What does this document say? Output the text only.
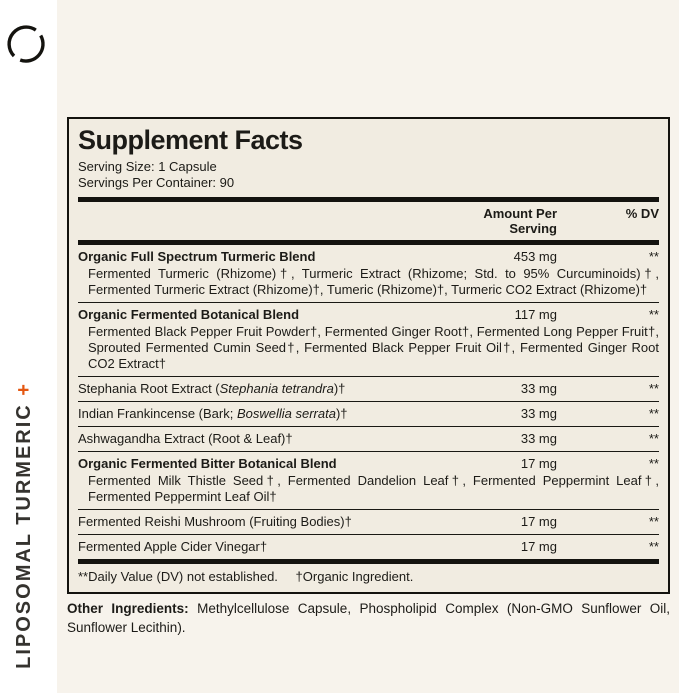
LIPOSOMAL TURMERIC +
Supplement Facts
Serving Size: 1 Capsule
Servings Per Container: 90
Amount Per Serving
% DV
Organic Full Spectrum Turmeric Blend	453 mg	**
Fermented Turmeric (Rhizome)†, Turmeric Extract (Rhizome; Std. to 95% Curcuminoids)†, Fermented Turmeric Extract (Rhizome)†, Tumeric (Rhizome)†, Turmeric CO2 Extract (Rhizome)†
Organic Fermented Botanical Blend	117 mg	**
Fermented Black Pepper Fruit Powder†, Fermented Ginger Root†, Fermented Long Pepper Fruit†, Sprouted Fermented Cumin Seed†, Fermented Black Pepper Fruit Oil†, Fermented Ginger Root CO2 Extract†
Stephania Root Extract (Stephania tetrandra)†	33 mg	**
Indian Frankincense (Bark; Boswellia serrata)†	33 mg	**
Ashwagandha Extract (Root & Leaf)†	33 mg	**
Organic Fermented Bitter Botanical Blend	17 mg	**
Fermented Milk Thistle Seed†, Fermented Dandelion Leaf†, Fermented Peppermint Leaf†, Fermented Peppermint Leaf Oil†
Fermented Reishi Mushroom (Fruiting Bodies)†	17 mg	**
Fermented Apple Cider Vinegar†	17 mg	**
**Daily Value (DV) not established. †Organic Ingredient.

Other Ingredients: Methylcellulose Capsule, Phospholipid Complex (Non-GMO Sunflower Oil, Sunflower Lecithin).
